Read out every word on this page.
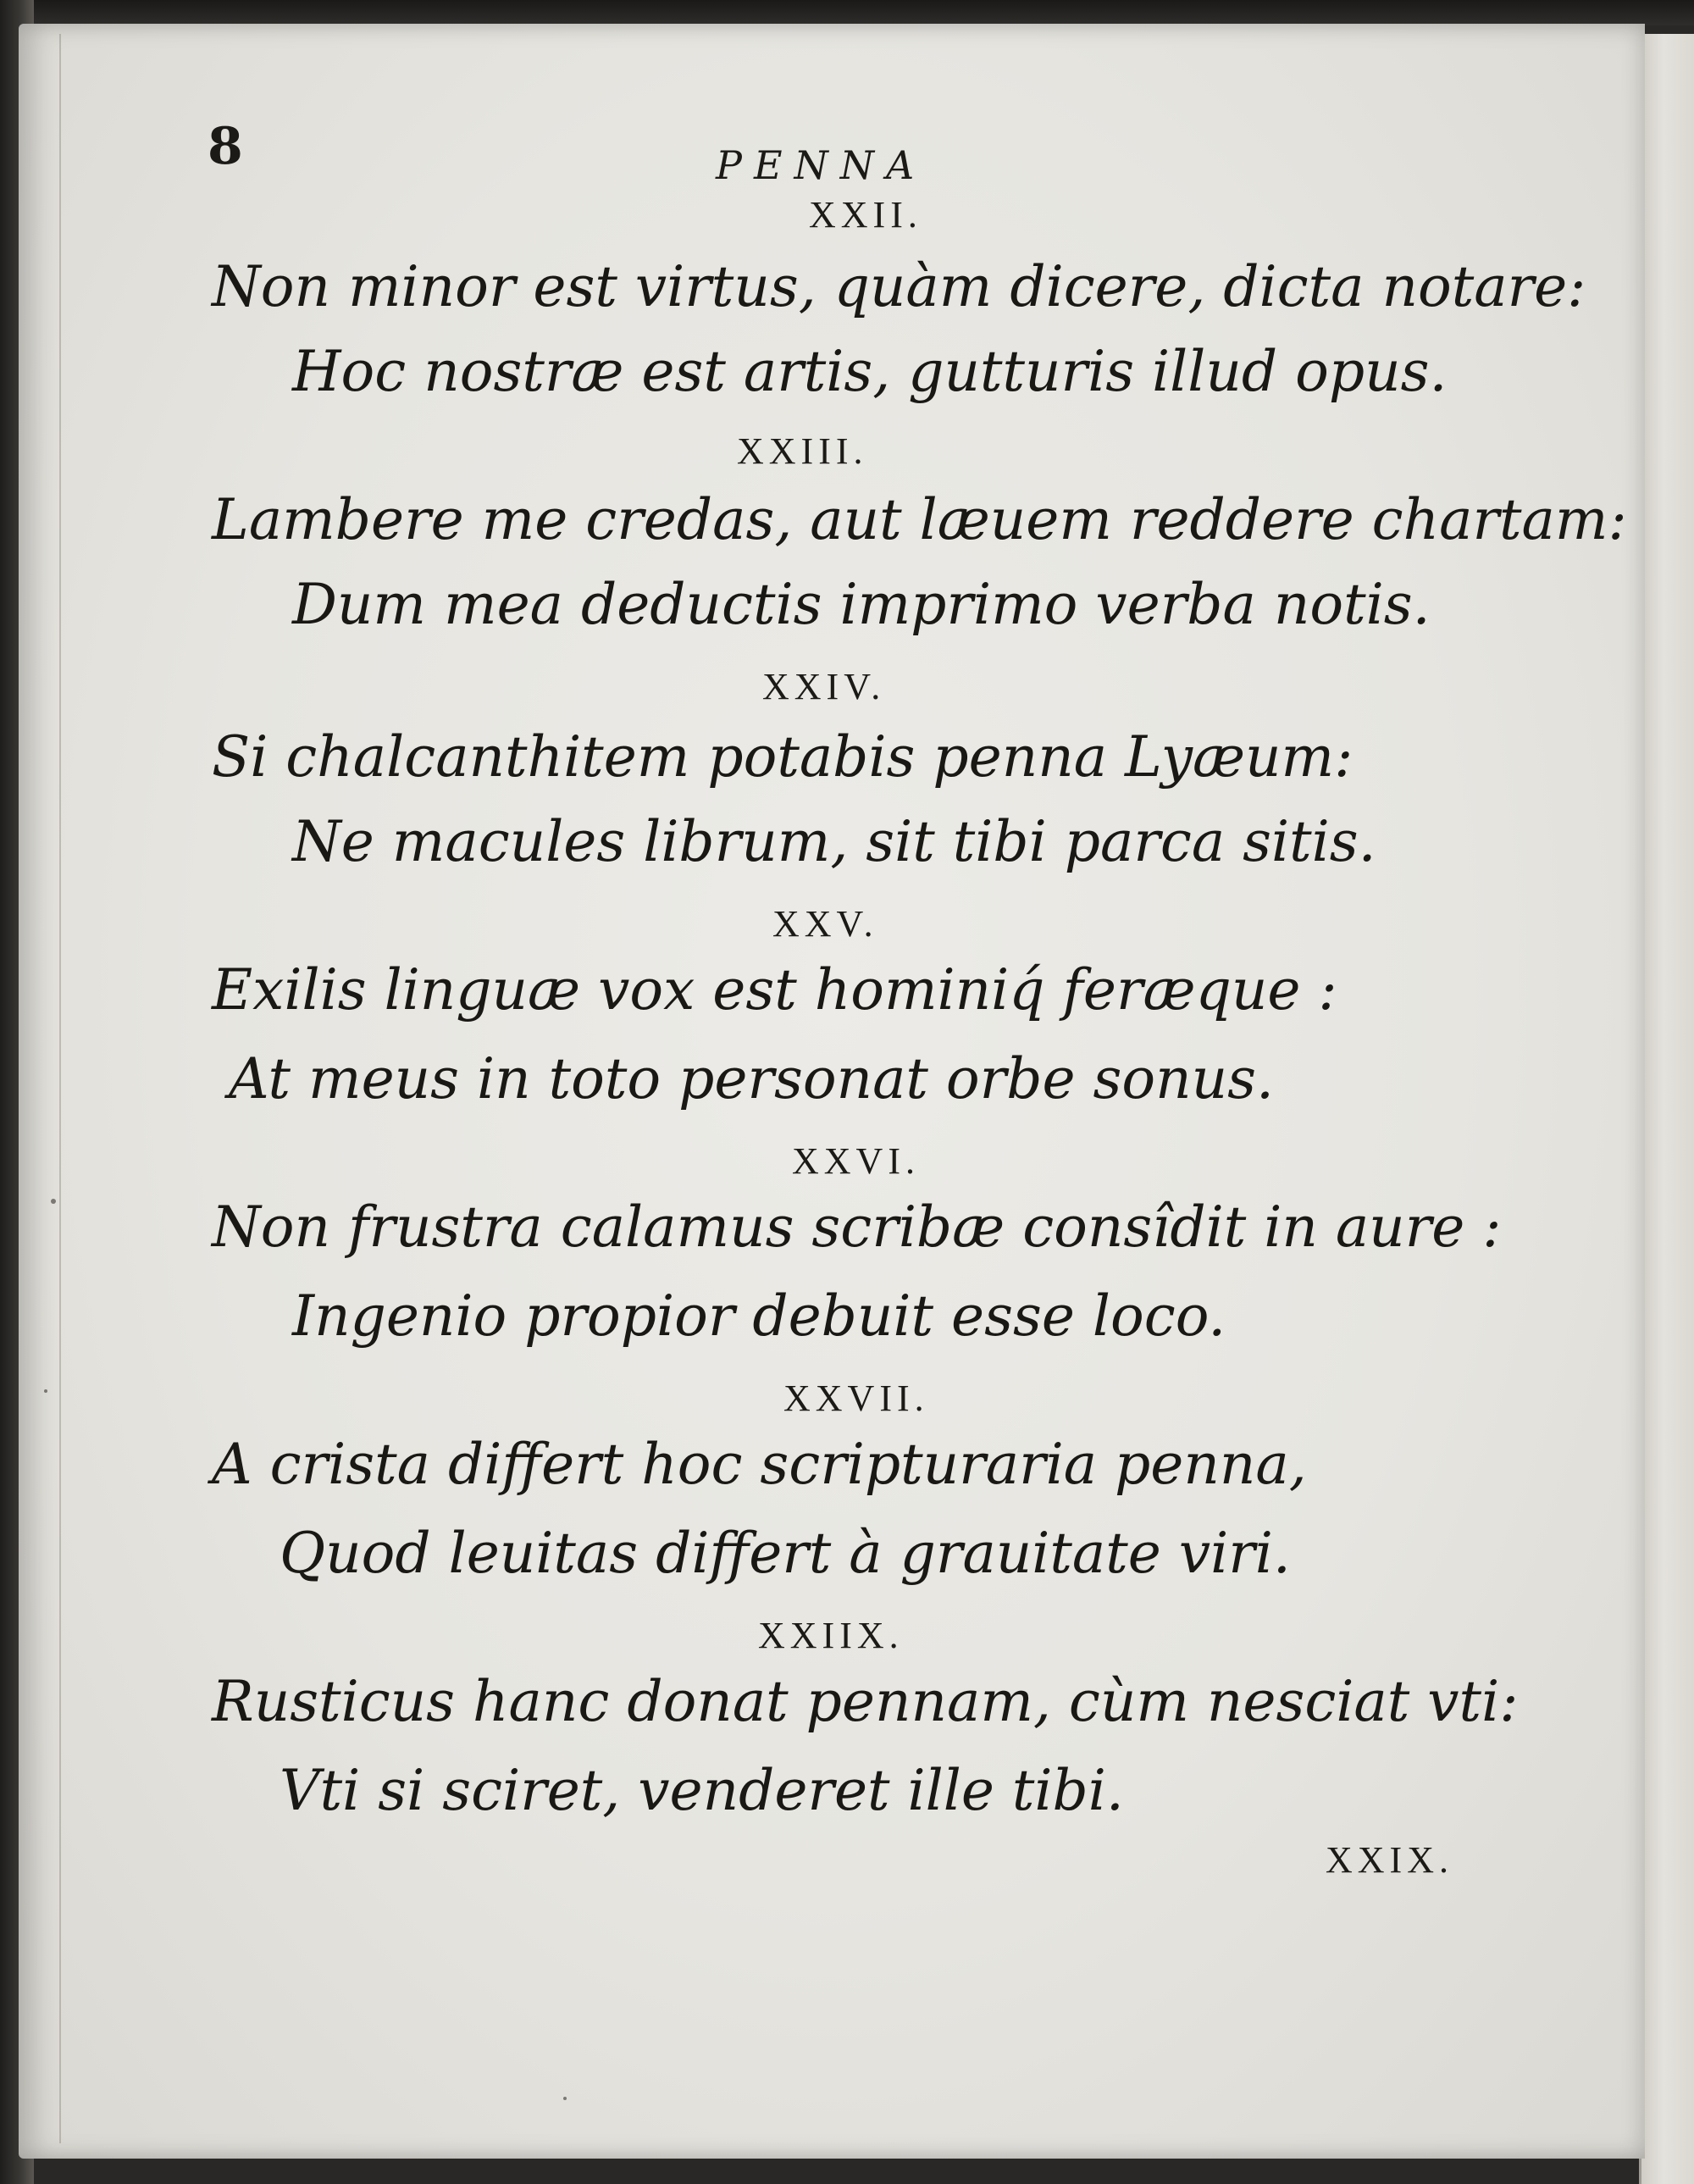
8	PENNA
XXII.
Non minor est virtus, quàm dicere, dicta notare:
Hoc nostræ est artis, gutturis illud opus.
XXIII.
Lambere me credas, aut læuem reddere chartam:
Dum mea deductis imprimo verba notis.
XXIV.
Si chalcanthitem potabis penna Lyæum:
Ne macules librum, sit tibi parca sitis.
XXV.
Exilis linguæ vox est hominiq́ feræque :
At meus in toto personat orbe sonus.
XXVI.
Non frustra calamus scribæ consîdit in aure :
Ingenio propior debuit esse loco.
XXVII.
A crista differt hoc scripturaria penna,
Quod leuitas differt à grauitate viri.
XXIIX.
Rusticus hanc donat pennam, cùm nesciat vti:
Vti si sciret, venderet ille tibi.
XXIX.
